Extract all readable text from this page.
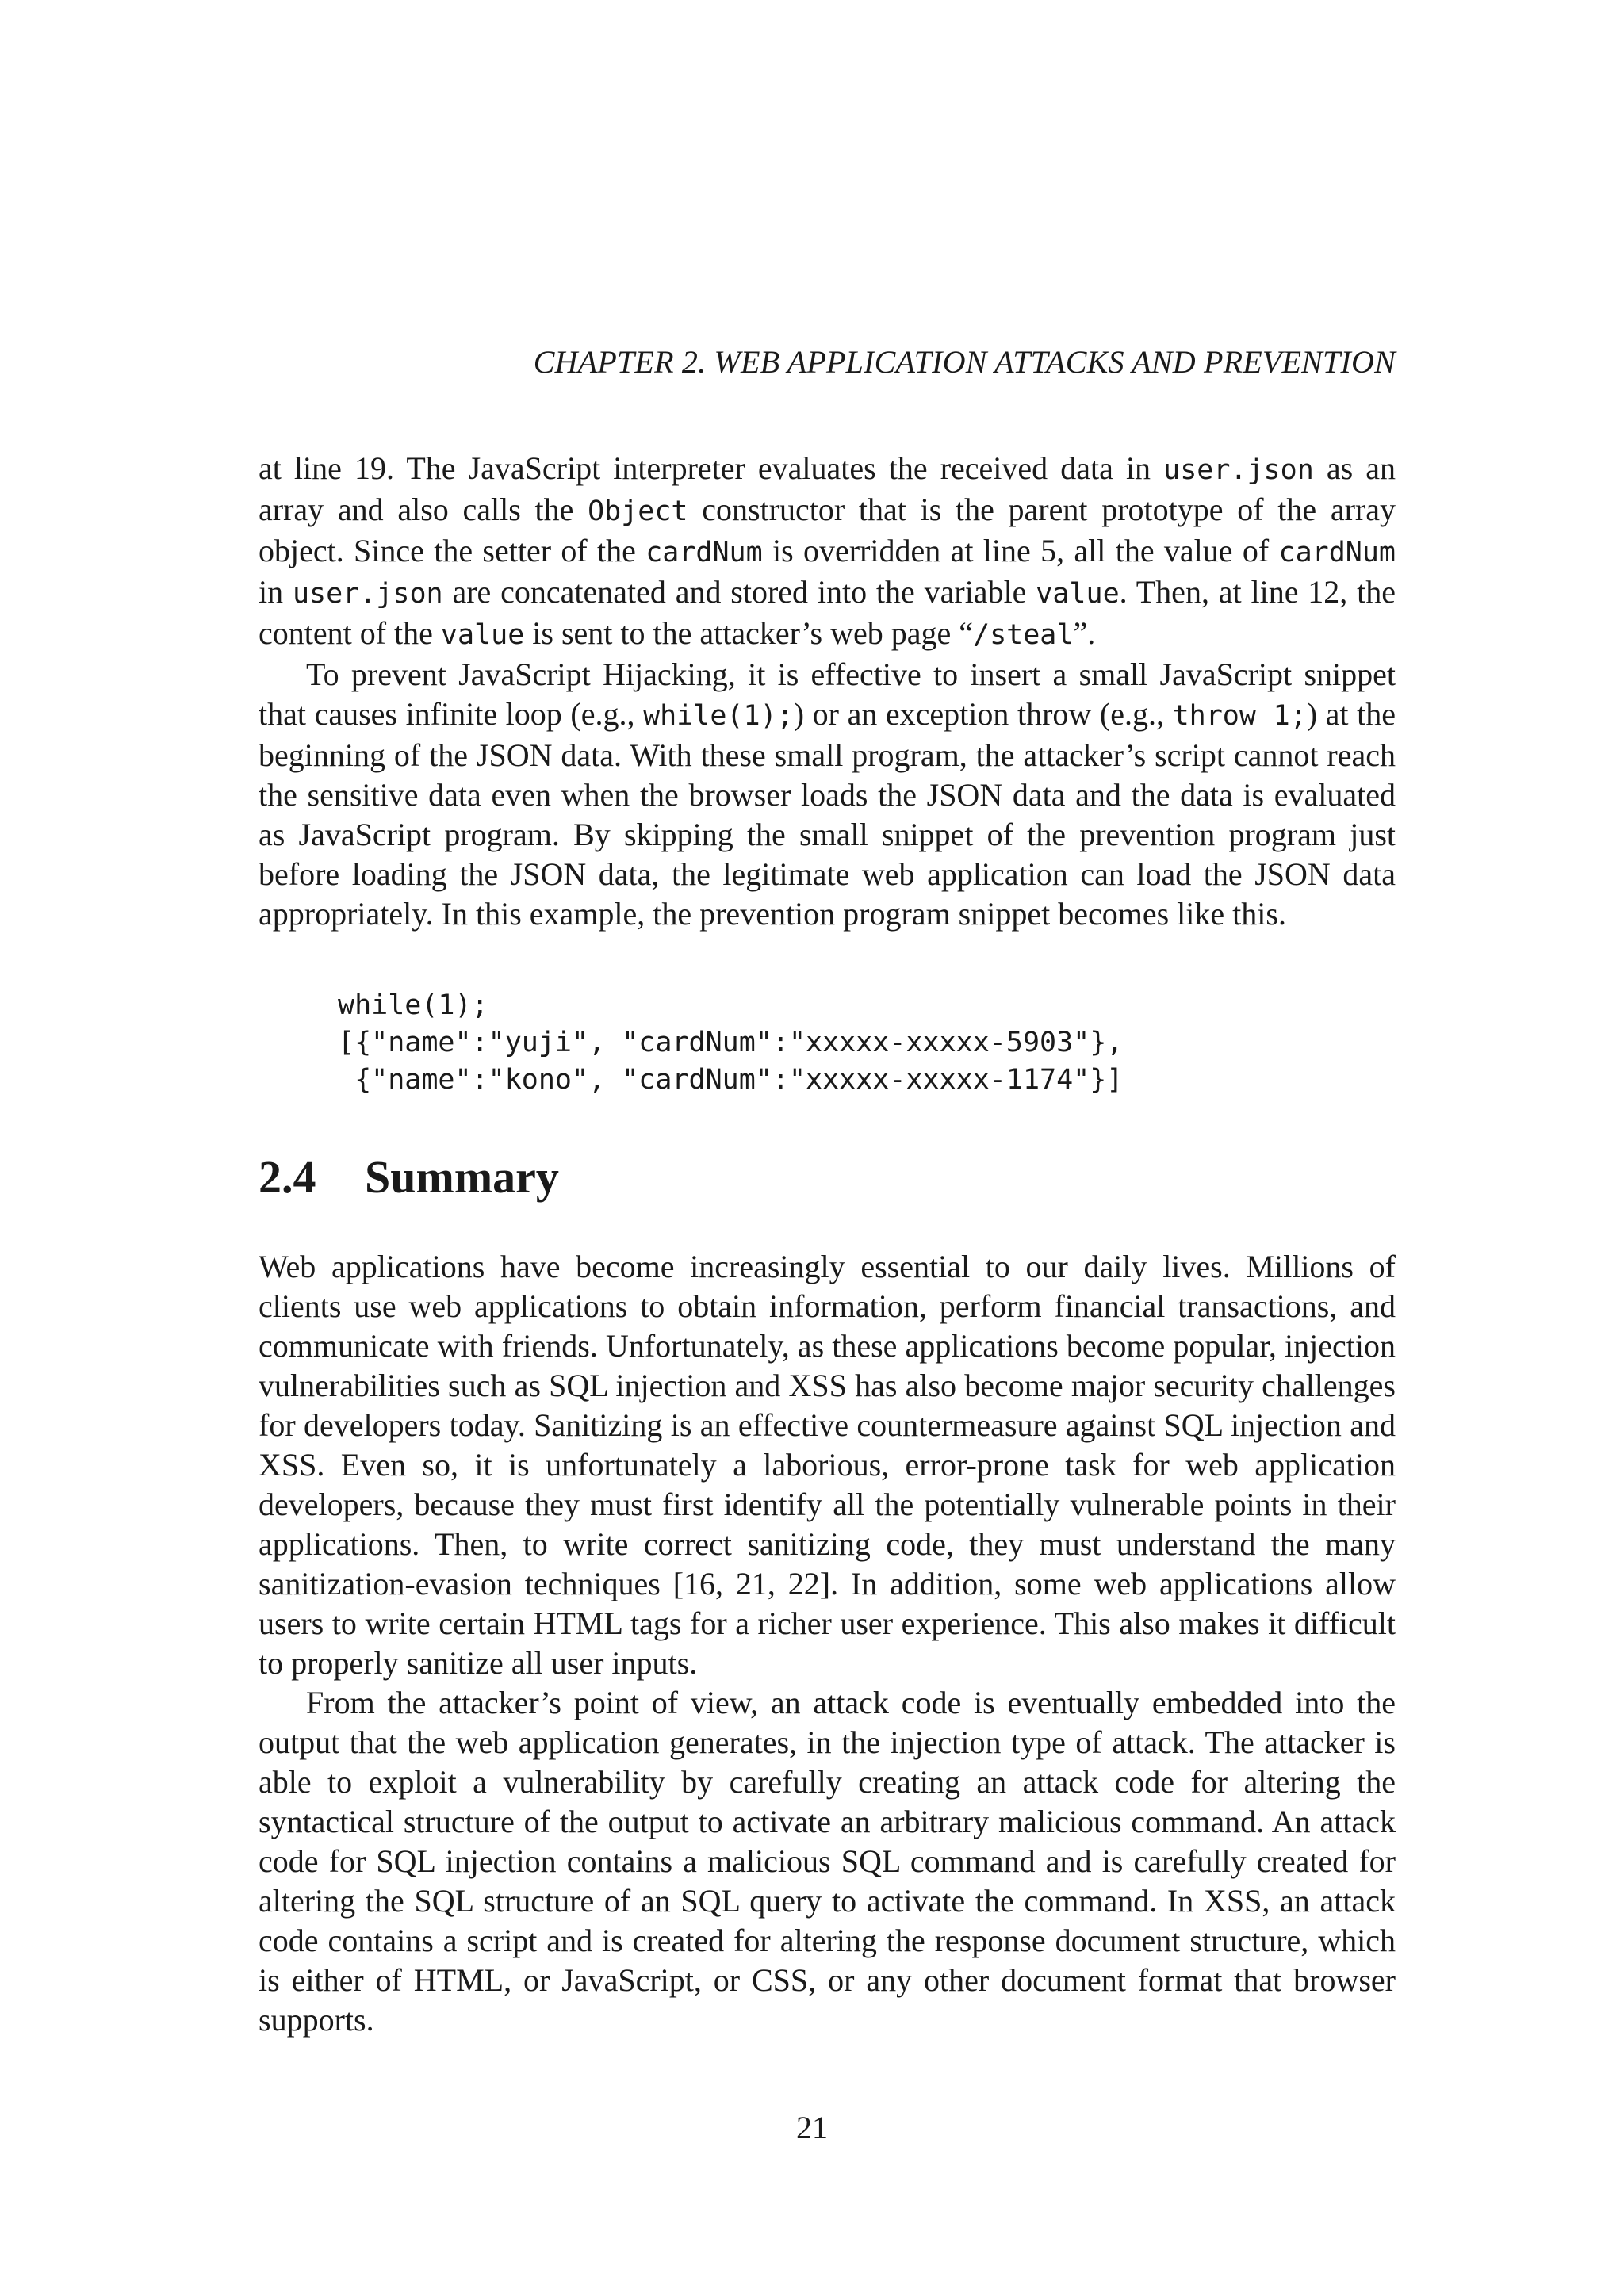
CHAPTER 2. WEB APPLICATION ATTACKS AND PREVENTION

at line 19. The JavaScript interpreter evaluates the received data in user.json as an array and also calls the Object constructor that is the parent prototype of the array object. Since the setter of the cardNum is overridden at line 5, all the value of cardNum in user.json are concatenated and stored into the variable value. Then, at line 12, the content of the value is sent to the attacker’s web page “/steal”.

To prevent JavaScript Hijacking, it is effective to insert a small JavaScript snippet that causes infinite loop (e.g., while(1);) or an exception throw (e.g., throw 1;) at the beginning of the JSON data. With these small program, the attacker’s script cannot reach the sensitive data even when the browser loads the JSON data and the data is evaluated as JavaScript program. By skipping the small snippet of the prevention program just before loading the JSON data, the legitimate web application can load the JSON data appropriately. In this example, the prevention program snippet becomes like this.

while(1);
[{"name":"yuji", "cardNum":"xxxxx-xxxxx-5903"},
{"name":"kono", "cardNum":"xxxxx-xxxxx-1174"}]
2.4 Summary

Web applications have become increasingly essential to our daily lives. Millions of clients use web applications to obtain information, perform financial transactions, and communicate with friends. Unfortunately, as these applications become popular, injection vulnerabilities such as SQL injection and XSS has also become major security challenges for developers today. Sanitizing is an effective countermeasure against SQL injection and XSS. Even so, it is unfortunately a laborious, error-prone task for web application developers, because they must first identify all the potentially vulnerable points in their applications. Then, to write correct sanitizing code, they must understand the many sanitization-evasion techniques [16, 21, 22]. In addition, some web applications allow users to write certain HTML tags for a richer user experience. This also makes it difficult to properly sanitize all user inputs.

From the attacker’s point of view, an attack code is eventually embedded into the output that the web application generates, in the injection type of attack. The attacker is able to exploit a vulnerability by carefully creating an attack code for altering the syntactical structure of the output to activate an arbitrary malicious command. An attack code for SQL injection contains a malicious SQL command and is carefully created for altering the SQL structure of an SQL query to activate the command. In XSS, an attack code contains a script and is created for altering the response document structure, which is either of HTML, or JavaScript, or CSS, or any other document format that browser supports.

21
